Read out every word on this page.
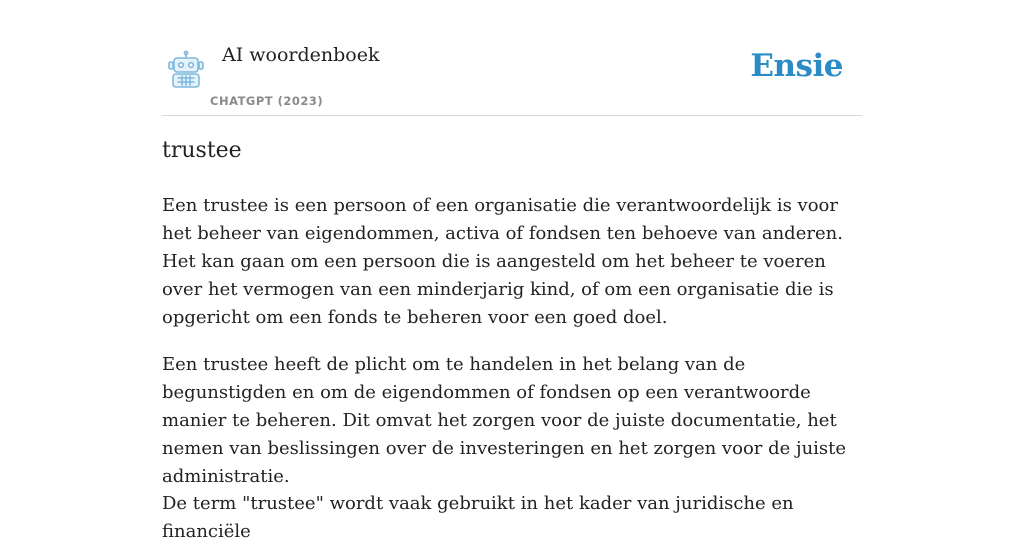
AI woordenboek
CHATGPT (2023)
Ensie
trustee

Een trustee is een persoon of een organisatie die verantwoordelijk is voor het beheer van eigendommen, activa of fondsen ten behoeve van anderen. Het kan gaan om een persoon die is aangesteld om het beheer te voeren over het vermogen van een minderjarig kind, of om een organisatie die is opgericht om een fonds te beheren voor een goed doel.

Een trustee heeft de plicht om te handelen in het belang van de begunstigden en om de eigendommen of fondsen op een verantwoorde manier te beheren. Dit omvat het zorgen voor de juiste documentatie, het nemen van beslissingen over de investeringen en het zorgen voor de juiste administratie.

De term "trustee" wordt vaak gebruikt in het kader van juridische en financiële
